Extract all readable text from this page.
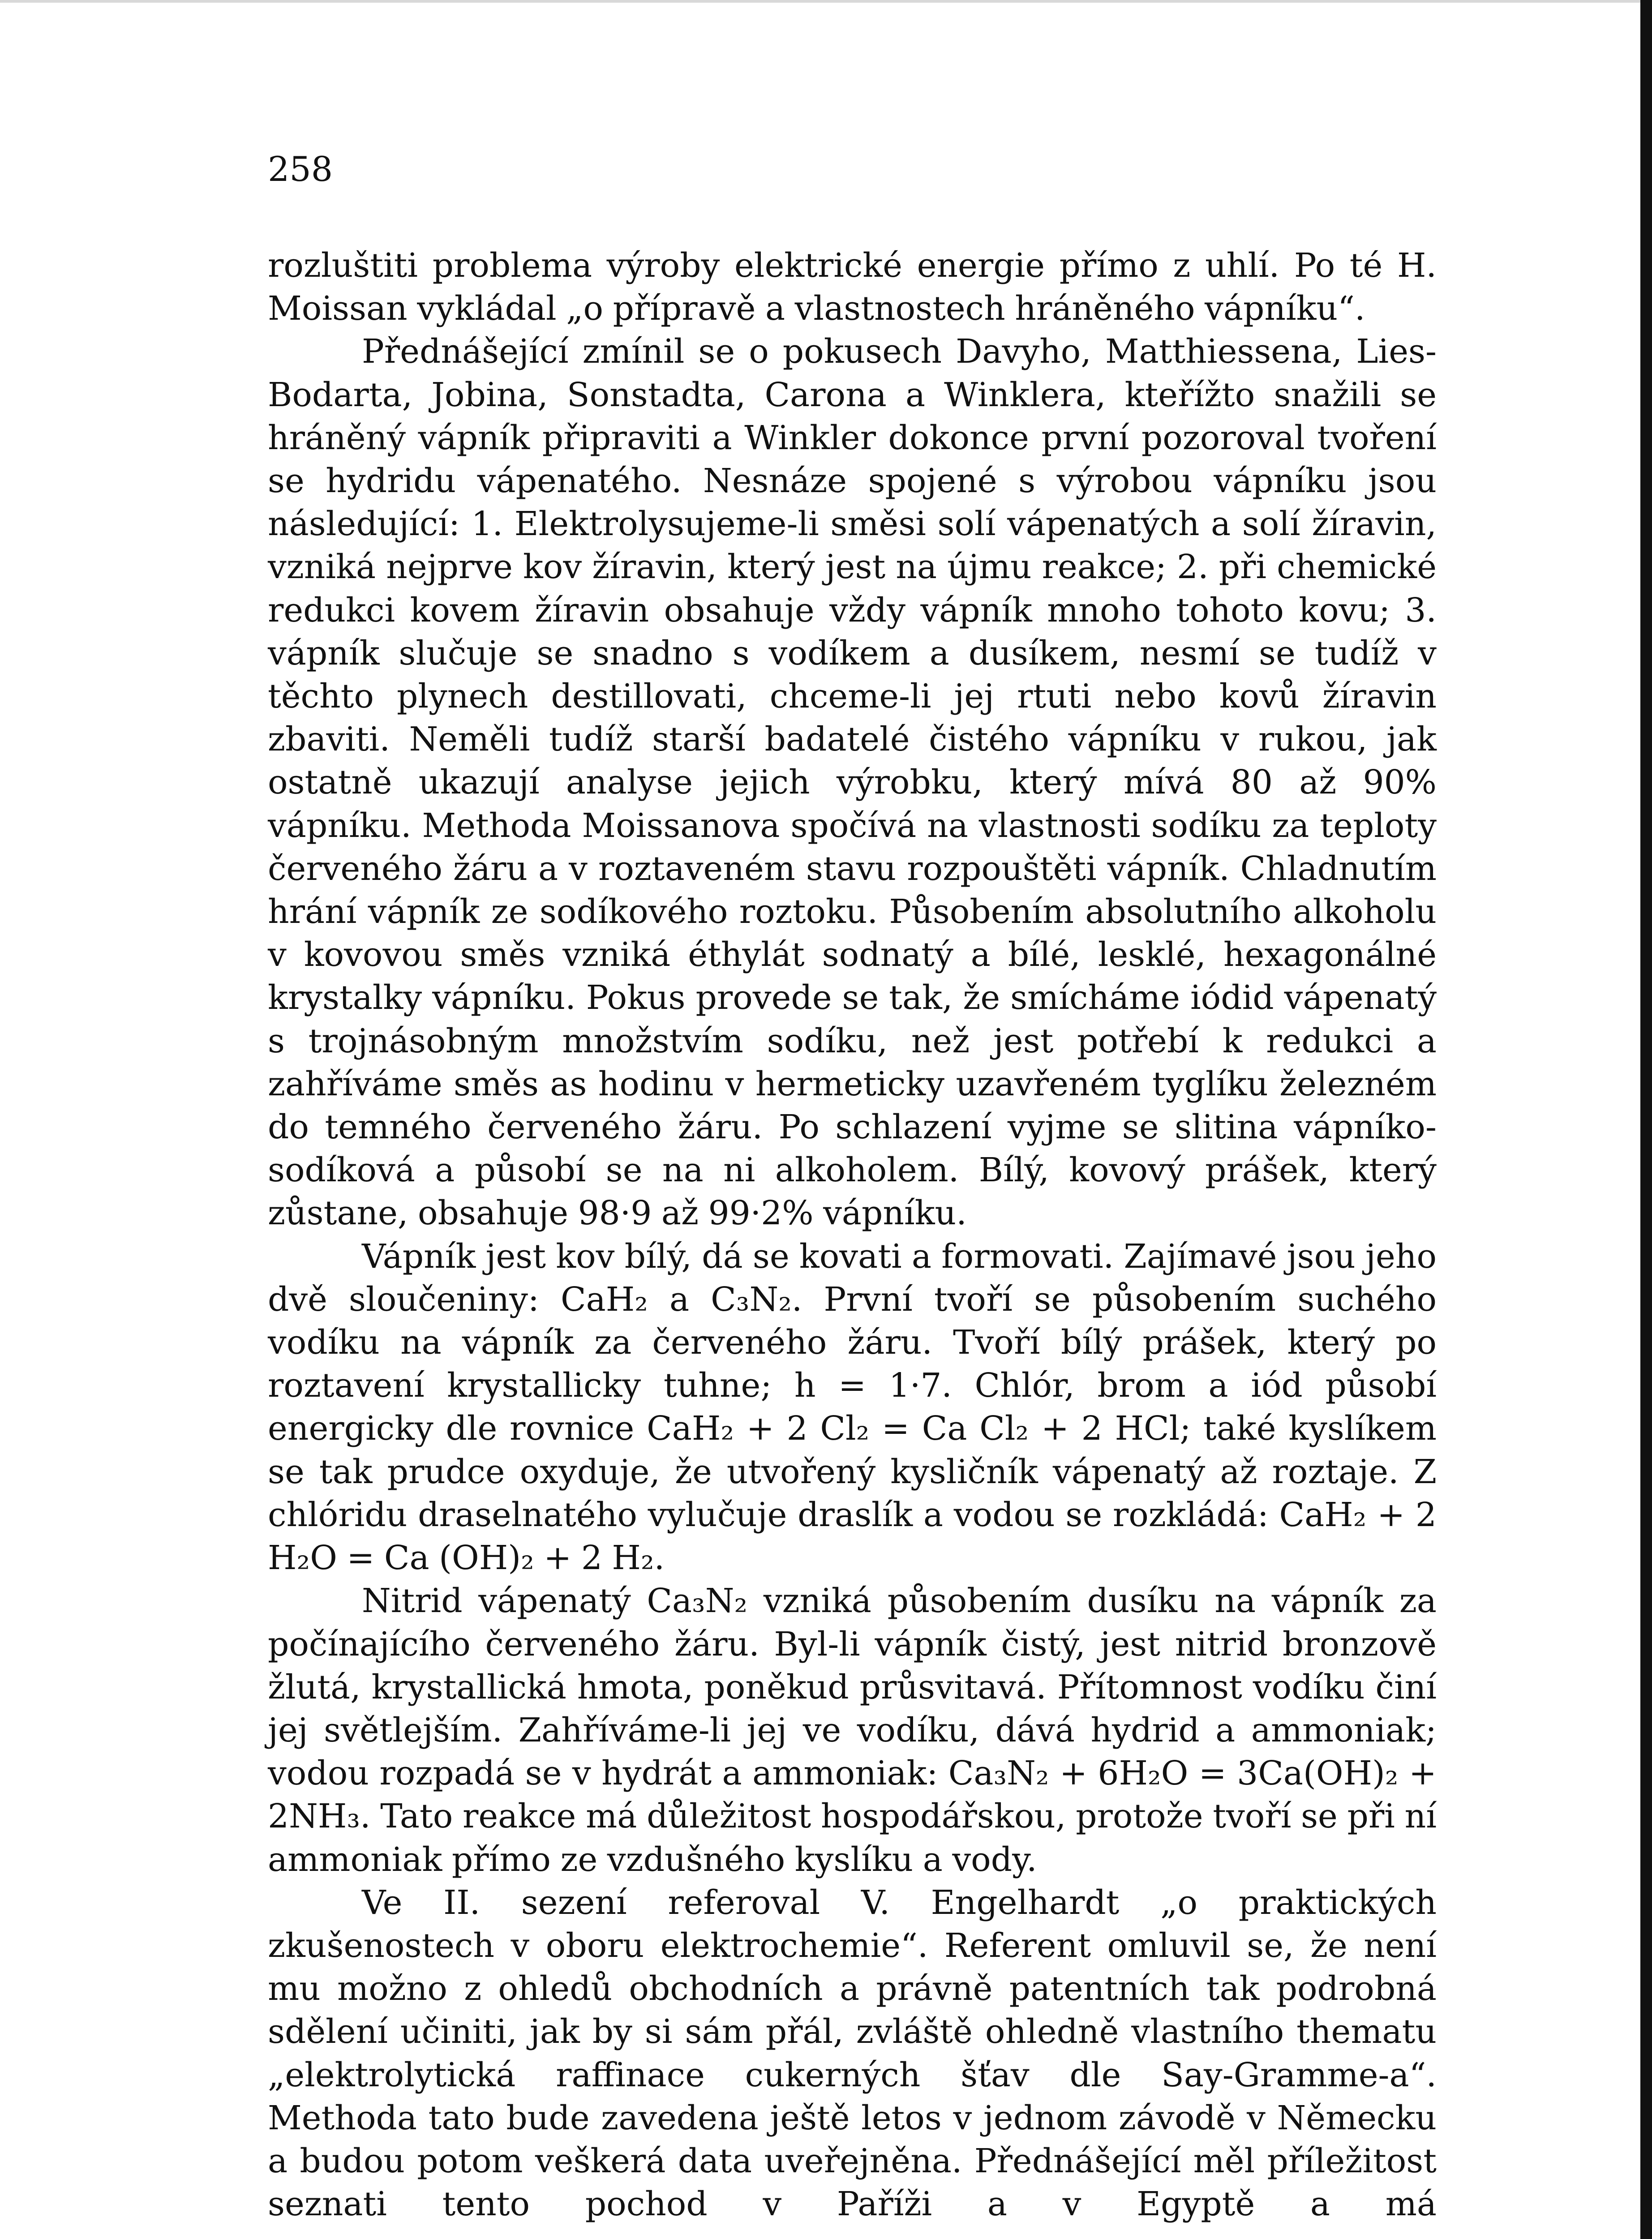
258

rozluštiti problema výroby elektrické energie přímo z uhlí. Po té H. Moissan vykládal „o přípravě a vlastnostech hráněného vápníku“.

Přednášející zmínil se o pokusech Davyho, Matthiessena, Lies-Bodarta, Jobina, Sonstadta, Carona a Winklera, kteřížto snažili se hráněný vápník připraviti a Winkler dokonce první pozoroval tvoření se hydridu vápenatého. Nesnáze spojené s výrobou vápníku jsou následující: 1. Elektrolysujeme-li směsi solí vápenatých a solí žíravin, vzniká nejprve kov žíravin, který jest na újmu reakce; 2. při chemické redukci kovem žíravin obsahuje vždy vápník mnoho tohoto kovu; 3. vápník slučuje se snadno s vodíkem a dusíkem, nesmí se tudíž v těchto plynech destillovati, chceme-li jej rtuti nebo kovů žíravin zbaviti. Neměli tudíž starší badatelé čistého vápníku v rukou, jak ostatně ukazují analyse jejich výrobku, který mívá 80 až 90% vápníku. Methoda Moissanova spočívá na vlastnosti sodíku za teploty červeného žáru a v roztaveném stavu rozpouštěti vápník. Chladnutím hrání vápník ze sodíkového roztoku. Působením absolutního alkoholu v kovovou směs vzniká éthylát sodnatý a bílé, lesklé, hexagonálné krystalky vápníku. Pokus provede se tak, že smícháme iódid vápenatý s trojnásobným množstvím sodíku, než jest potřebí k redukci a zahříváme směs as hodinu v hermeticky uzavřeném tyglíku železném do temného červeného žáru. Po schlazení vyjme se slitina vápníko-sodíková a působí se na ni alkoholem. Bílý, kovový prášek, který zůstane, obsahuje 98·9 až 99·2% vápníku.

Vápník jest kov bílý, dá se kovati a formovati. Zajímavé jsou jeho dvě sloučeniny: CaH₂ a C₃N₂. První tvoří se působením suchého vodíku na vápník za červeného žáru. Tvoří bílý prášek, který po roztavení krystallicky tuhne; h = 1·7. Chlór, brom a iód působí energicky dle rovnice CaH₂ + 2 Cl₂ = Ca Cl₂ + 2 HCl; také kyslíkem se tak prudce oxyduje, že utvořený kysličník vápenatý až roztaje. Z chlóridu draselnatého vylučuje draslík a vodou se rozkládá: CaH₂ + 2 H₂O = Ca (OH)₂ + 2 H₂.

Nitrid vápenatý Ca₃N₂ vzniká působením dusíku na vápník za počínajícího červeného žáru. Byl-li vápník čistý, jest nitrid bronzově žlutá, krystallická hmota, poněkud průsvitavá. Přítomnost vodíku činí jej světlejším. Zahříváme-li jej ve vodíku, dává hydrid a ammoniak; vodou rozpadá se v hydrát a ammoniak: Ca₃N₂ + 6H₂O = 3Ca(OH)₂ + 2NH₃. Tato reakce má důležitost hospodářskou, protože tvoří se při ní ammoniak přímo ze vzdušného kyslíku a vody.

Ve II. sezení referoval V. Engelhardt „o praktických zkušenostech v oboru elektrochemie“. Referent omluvil se, že není mu možno z ohledů obchodních a právně patentních tak podrobná sdělení učiniti, jak by si sám přál, zvláště ohledně vlastního thematu „elektrolytická raffinace cukerných šťav dle Say-Gramme-a“. Methoda tato bude zavedena ještě letos v jednom závodě v Německu a budou potom veškerá data uveřejněna. Přednášející měl příležitost seznati tento pochod v Paříži a v Egyptě a má
